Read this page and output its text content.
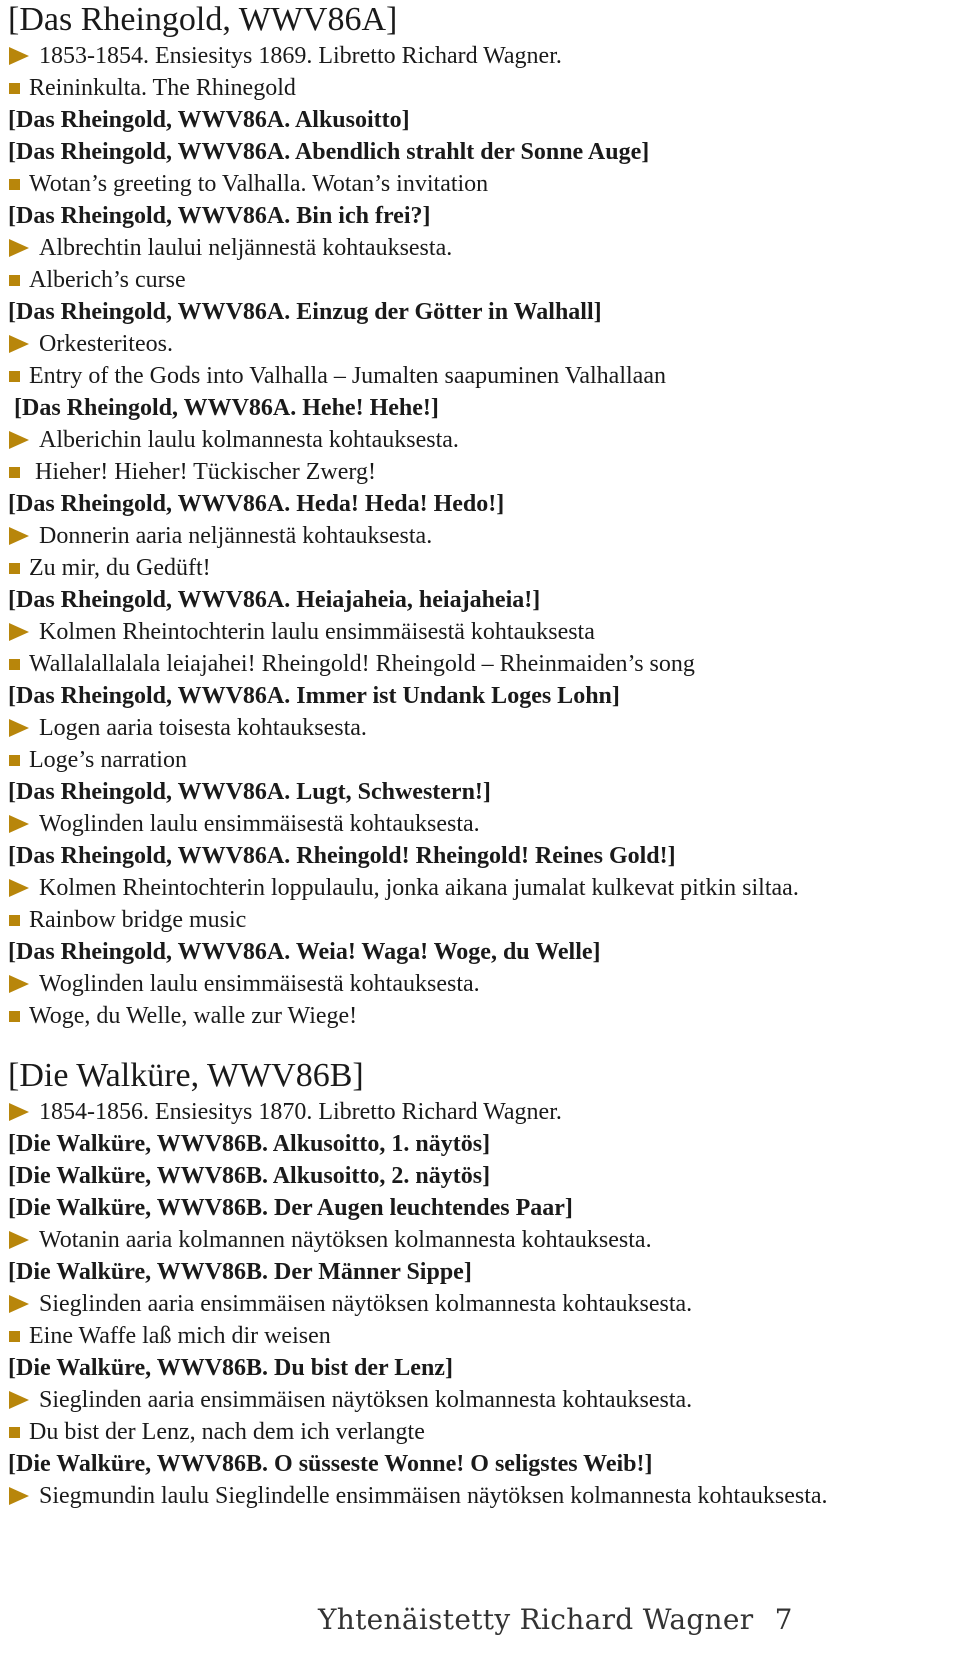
[Das Rheingold, WWV86A]
1853-1854. Ensiesitys 1869. Libretto Richard Wagner.
Reininkulta. The Rhinegold
[Das Rheingold, WWV86A. Alkusoitto ]
[Das Rheingold, WWV86A. Abendlich strahlt der Sonne Auge ]
Wotan’s greeting to Valhalla. Wotan’s invitation
[Das Rheingold, WWV86A. Bin ich frei? ]
Albrechtin laului neljännestä kohtauksesta.
Alberich’s curse
[Das Rheingold, WWV86A. Einzug der Götter in Walhall ]
Orkesteriteos.
Entry of the Gods into Valhalla – Jumalten saapuminen Valhallaan
[Das Rheingold, WWV86A. Hehe! Hehe! ]
Alberichin laulu kolmannesta kohtauksesta.
Hieher! Hieher! Tückischer Zwerg!
[Das Rheingold, WWV86A. Heda! Heda! Hedo! ]
Donnerin aaria neljännestä kohtauksesta.
Zu mir, du Gedüft!
[Das Rheingold, WWV86A. Heiajaheia, heiajaheia! ]
Kolmen Rheintochterin laulu ensimmäisestä kohtauksesta
Wallalallalala leiajahei! Rheingold! Rheingold – Rheinmaiden’s song
[Das Rheingold, WWV86A. Immer ist Undank Loges Lohn ]
Logen aaria toisesta kohtauksesta.
Loge’s narration
[Das Rheingold, WWV86A. Lugt, Schwestern! ]
Woglinden laulu ensimmäisestä kohtauksesta.
[Das Rheingold, WWV86A. Rheingold! Rheingold! Reines Gold! ]
Kolmen Rheintochterin loppulaulu, jonka aikana jumalat kulkevat pitkin siltaa.
Rainbow bridge music
[Das Rheingold, WWV86A. Weia! Waga! Woge, du Welle ]
Woglinden laulu ensimmäisestä kohtauksesta.
Woge, du Welle, walle zur Wiege!
[Die Walküre, WWV86B]
1854-1856. Ensiesitys 1870. Libretto Richard Wagner.
[Die Walküre, WWV86B. Alkusoitto, 1. näytös ]
[Die Walküre, WWV86B. Alkusoitto, 2. näytös ]
[Die Walküre, WWV86B. Der Augen leuchtendes Paar ]
Wotanin aaria kolmannen näytöksen kolmannesta kohtauksesta.
[Die Walküre, WWV86B. Der Männer Sippe ]
Sieglinden aaria ensimmäisen näytöksen kolmannesta kohtauksesta.
Eine Waffe laß mich dir weisen
[Die Walküre, WWV86B. Du bist der Lenz ]
Sieglinden aaria ensimmäisen näytöksen kolmannesta kohtauksesta.
Du bist der Lenz, nach dem ich verlangte
[Die Walküre, WWV86B. O süsseste Wonne! O seligstes Weib! ]
Siegmundin laulu Sieglindelle ensimmäisen näytöksen kolmannesta kohtauksesta.
Yhtenäistetty Richard Wagner 7
